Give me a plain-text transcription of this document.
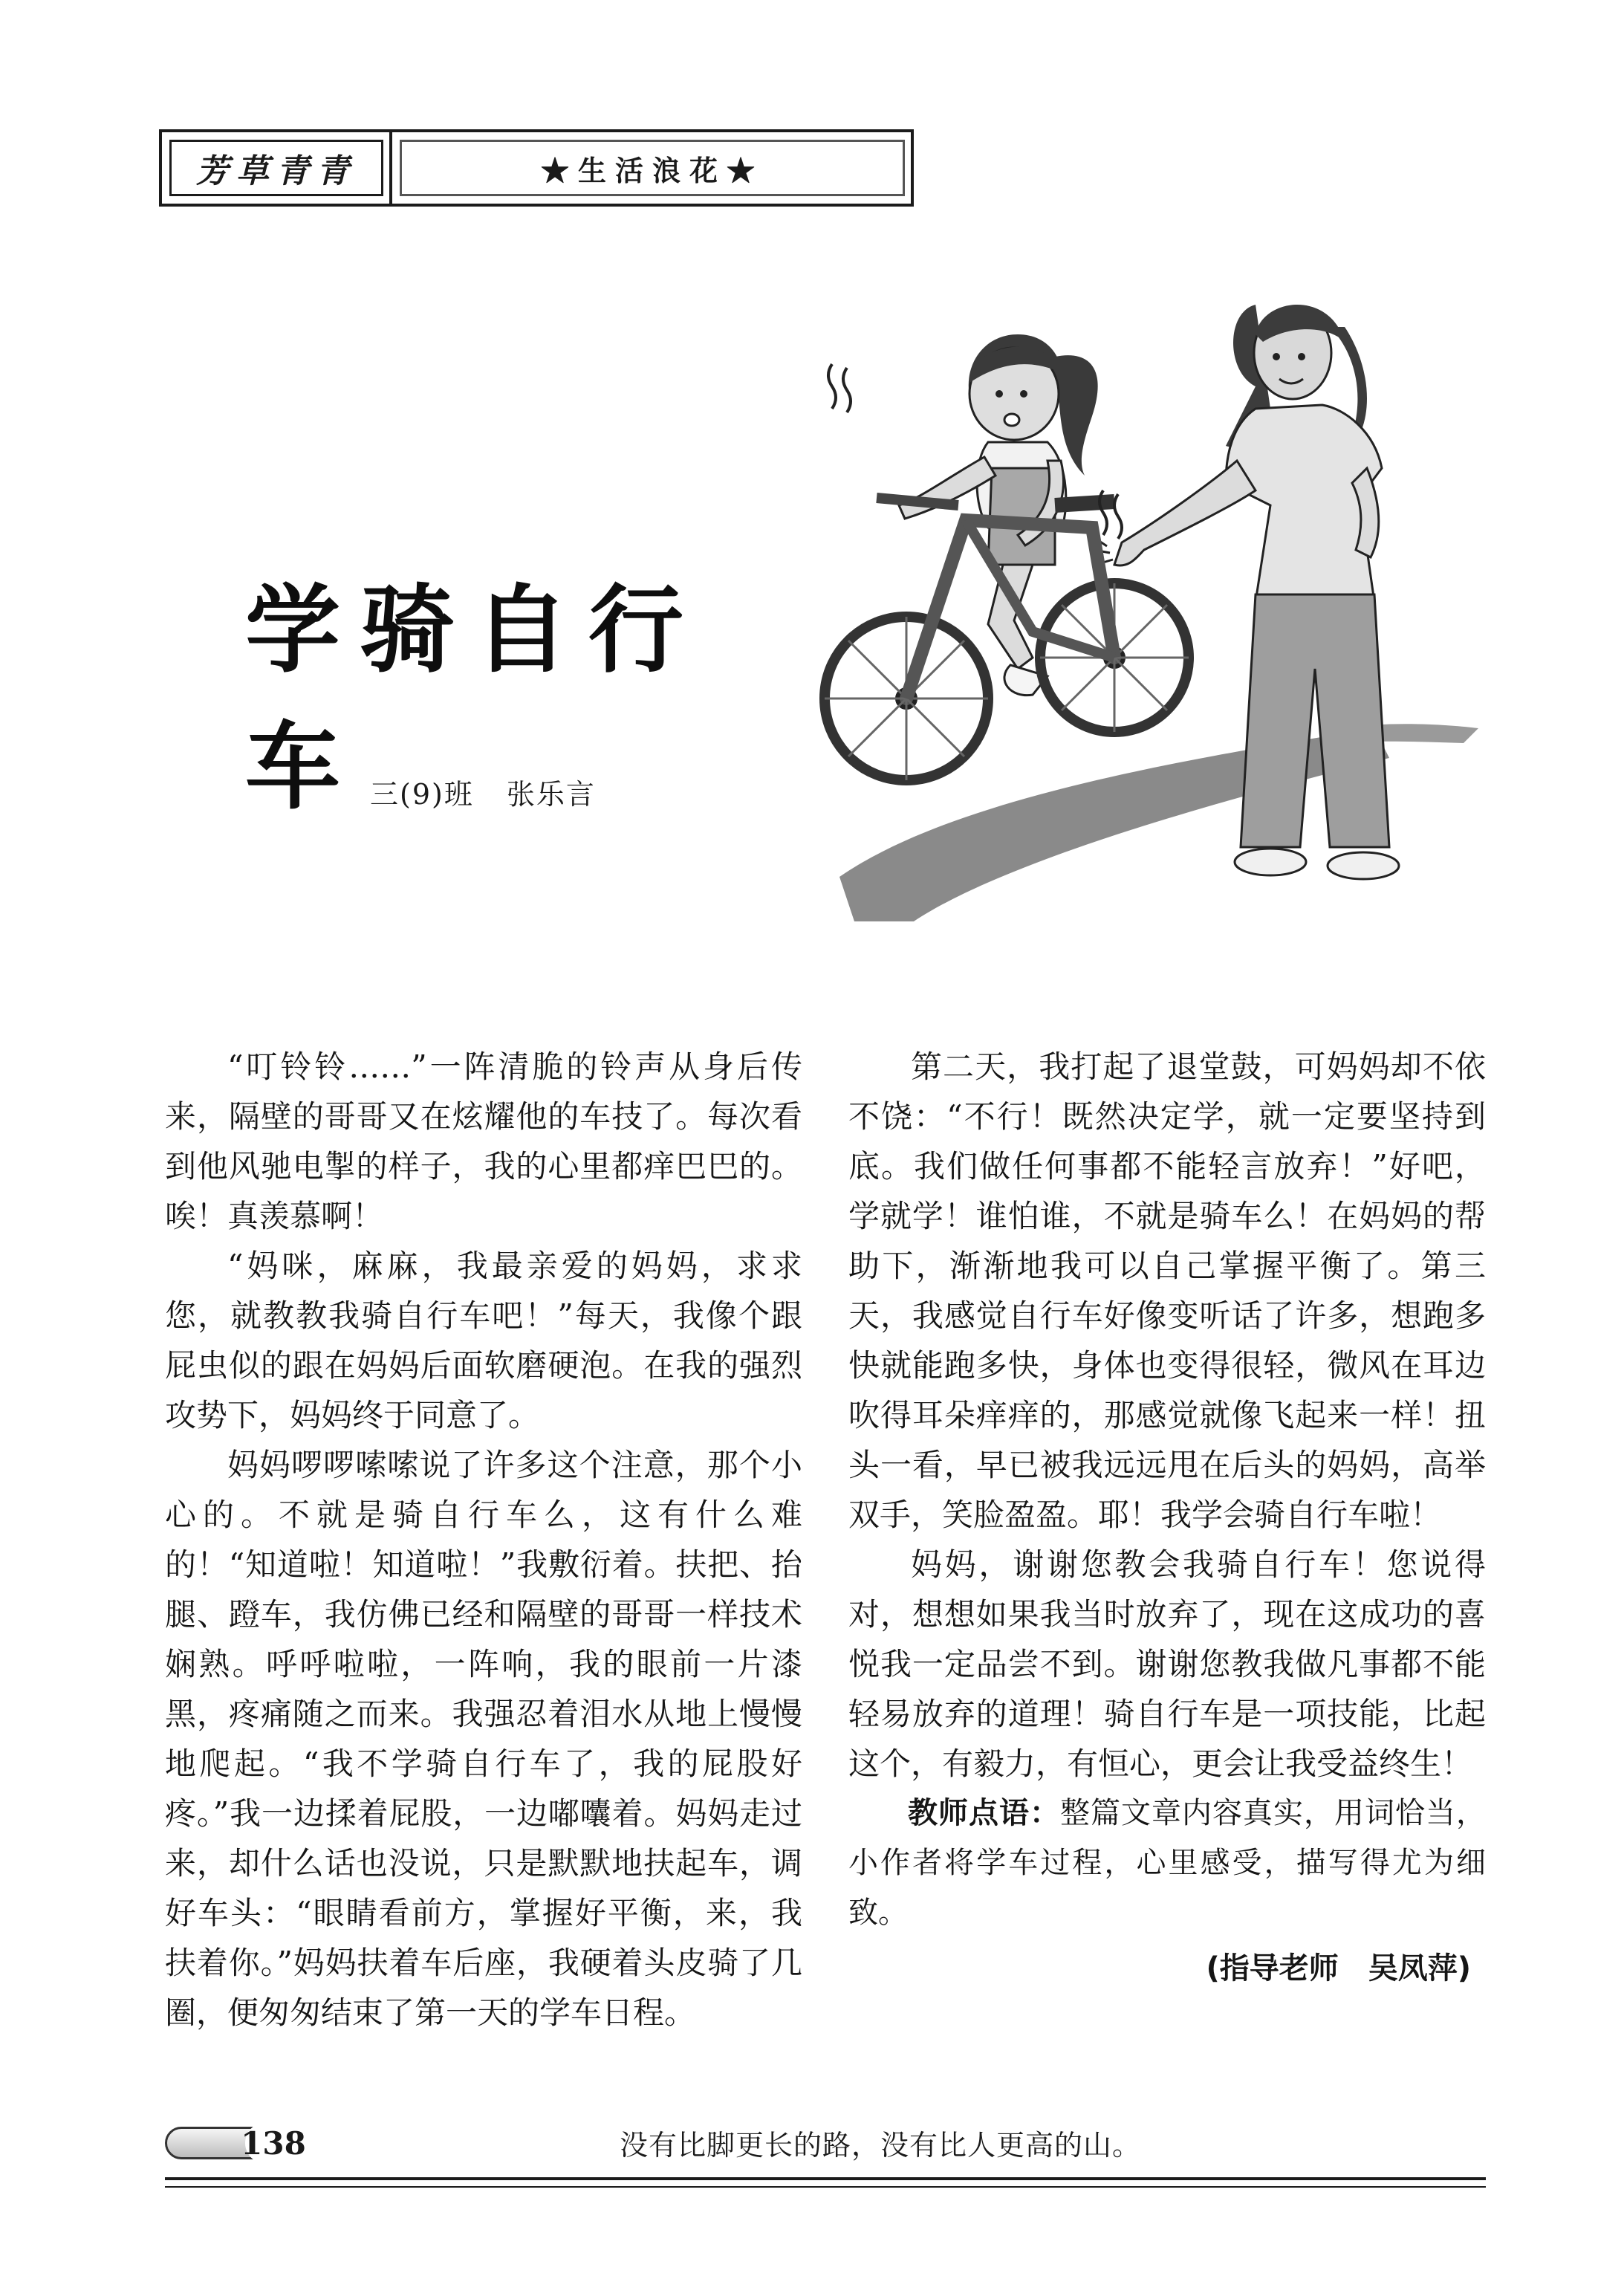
芳草青青	★生活浪花★
学骑自行车 三(9)班 张乐言

“叮铃铃……”一阵清脆的铃声从身后传来，隔壁的哥哥又在炫耀他的车技了。每次看到他风驰电掣的样子，我的心里都痒巴巴的。唉！真羡慕啊！

“妈咪，麻麻，我最亲爱的妈妈，求求您，就教教我骑自行车吧！”每天，我像个跟屁虫似的跟在妈妈后面软磨硬泡。在我的强烈攻势下，妈妈终于同意了。

妈妈啰啰嗦嗦说了许多这个注意，那个小心的。不就是骑自行车么，这有什么难的！“知道啦！知道啦！”我敷衍着。扶把、抬腿、蹬车，我仿佛已经和隔壁的哥哥一样技术娴熟。呼呼啦啦，一阵响，我的眼前一片漆黑，疼痛随之而来。我强忍着泪水从地上慢慢地爬起。“我不学骑自行车了，我的屁股好疼。”我一边揉着屁股，一边嘟囔着。妈妈走过来，却什么话也没说，只是默默地扶起车，调好车头：“眼睛看前方，掌握好平衡，来，我扶着你。”妈妈扶着车后座，我硬着头皮骑了几圈，便匆匆结束了第一天的学车日程。

第二天，我打起了退堂鼓，可妈妈却不依不饶：“不行！既然决定学，就一定要坚持到底。我们做任何事都不能轻言放弃！”好吧，学就学！谁怕谁，不就是骑车么！在妈妈的帮助下，渐渐地我可以自己掌握平衡了。第三天，我感觉自行车好像变听话了许多，想跑多快就能跑多快，身体也变得很轻，微风在耳边吹得耳朵痒痒的，那感觉就像飞起来一样！扭头一看，早已被我远远甩在后头的妈妈，高举双手，笑脸盈盈。耶！我学会骑自行车啦！

妈妈，谢谢您教会我骑自行车！您说得对，想想如果我当时放弃了，现在这成功的喜悦我一定品尝不到。谢谢您教我做凡事都不能轻易放弃的道理！骑自行车是一项技能，比起这个，有毅力，有恒心，更会让我受益终生！

教师点语：整篇文章内容真实，用词恰当，小作者将学车过程，心里感受，描写得尤为细致。

(指导老师 吴凤萍)
138	没有比脚更长的路，没有比人更高的山。
